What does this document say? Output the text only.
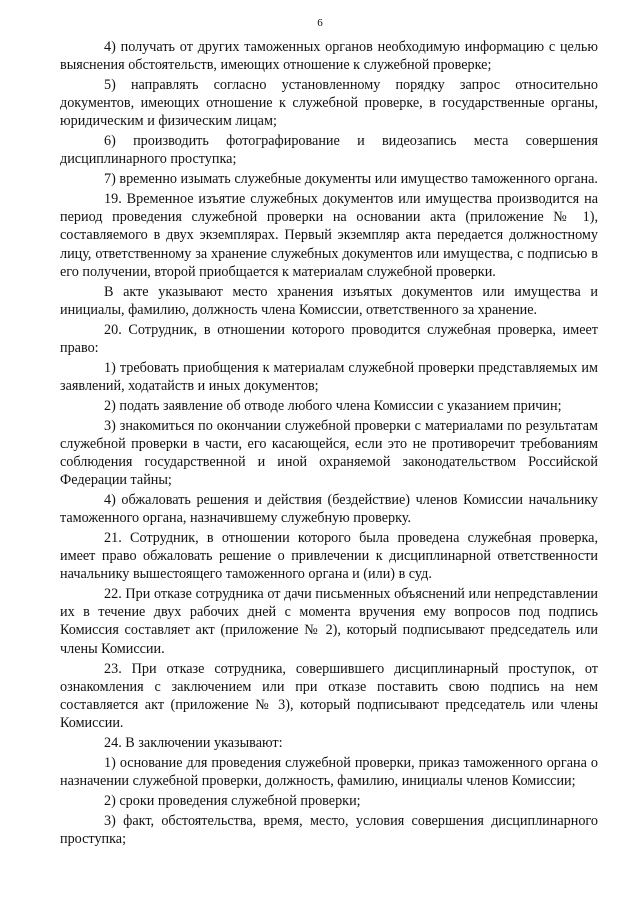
6

4) получать от других таможенных органов необходимую информацию с целью выяснения обстоятельств, имеющих отношение к служебной проверке;

5) направлять согласно установленному порядку запрос относительно документов, имеющих отношение к служебной проверке, в государственные органы, юридическим и физическим лицам;

6) производить фотографирование и видеозапись места совершения дисциплинарного проступка;

7) временно изымать служебные документы или имущество таможенного органа.

19. Временное изъятие служебных документов или имущества производится на период проведения служебной проверки на основании акта (приложение № 1), составляемого в двух экземплярах. Первый экземпляр акта передается должностному лицу, ответственному за хранение служебных документов или имущества, с подписью в его получении, второй приобщается к материалам служебной проверки.

В акте указывают место хранения изъятых документов или имущества и инициалы, фамилию, должность члена Комиссии, ответственного за хранение.

20. Сотрудник, в отношении которого проводится служебная проверка, имеет право:

1) требовать приобщения к материалам служебной проверки представляемых им заявлений, ходатайств и иных документов;

2) подать заявление об отводе любого члена Комиссии с указанием причин;

3) знакомиться по окончании служебной проверки с материалами по результатам служебной проверки в части, его касающейся, если это не противоречит требованиям соблюдения государственной и иной охраняемой законодательством Российской Федерации тайны;

4) обжаловать решения и действия (бездействие) членов Комиссии начальнику таможенного органа, назначившему служебную проверку.

21. Сотрудник, в отношении которого была проведена служебная проверка, имеет право обжаловать решение о привлечении к дисциплинарной ответственности начальнику вышестоящего таможенного органа и (или) в суд.

22. При отказе сотрудника от дачи письменных объяснений или непредставлении их в течение двух рабочих дней с момента вручения ему вопросов под подпись Комиссия составляет акт (приложение № 2), который подписывают председатель или члены Комиссии.

23. При отказе сотрудника, совершившего дисциплинарный проступок, от ознакомления с заключением или при отказе поставить свою подпись на нем составляется акт (приложение № 3), который подписывают председатель или члены Комиссии.

24. В заключении указывают:

1) основание для проведения служебной проверки, приказ таможенного органа о назначении служебной проверки, должность, фамилию, инициалы членов Комиссии;

2) сроки проведения служебной проверки;

3) факт, обстоятельства, время, место, условия совершения дисциплинарного проступка;
